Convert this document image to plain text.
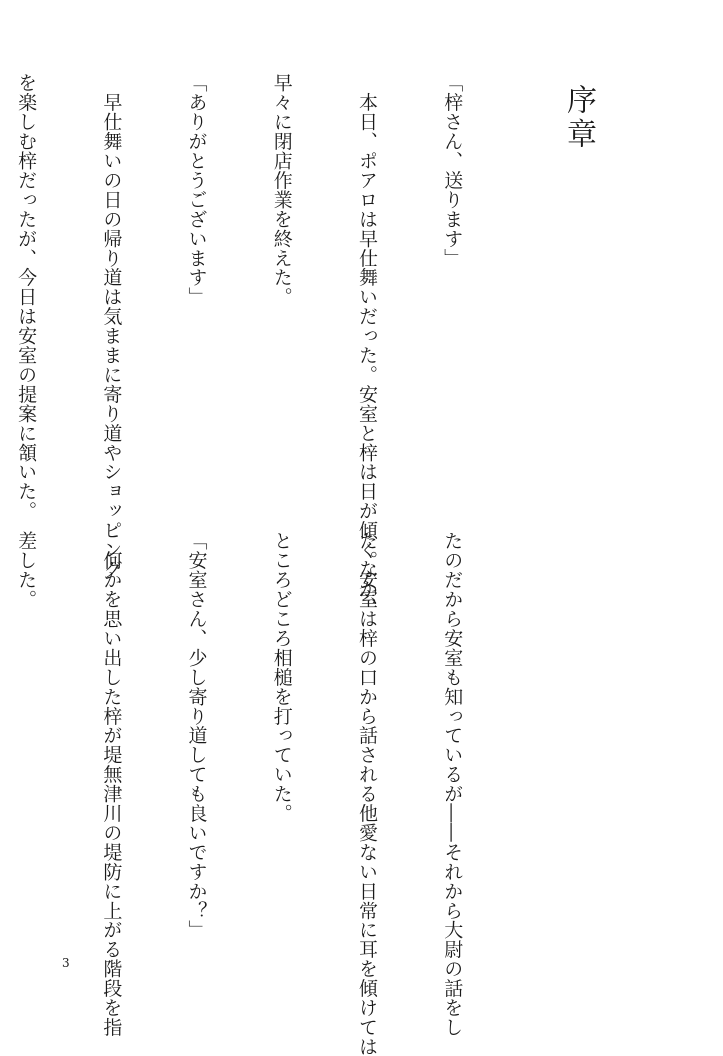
序章

「梓さん、送ります」

　本日、ポアロは早仕舞いだった。安室と梓は日が傾くなか、

早々に閉店作業を終えた。

「ありがとうございます」

　早仕舞いの日の帰り道は気ままに寄り道やショッピング

を楽しむ梓だったが、今日は安室の提案に頷いた。

たのだから安室も知っているが――それから大尉の話をし

た。安室は梓の口から話される他愛ない日常に耳を傾けては

ところどころ相槌を打っていた。

「安室さん、少し寄り道しても良いですか？」

　何かを思い出した梓が堤無津川の堤防に上がる階段を指

差した。

3
